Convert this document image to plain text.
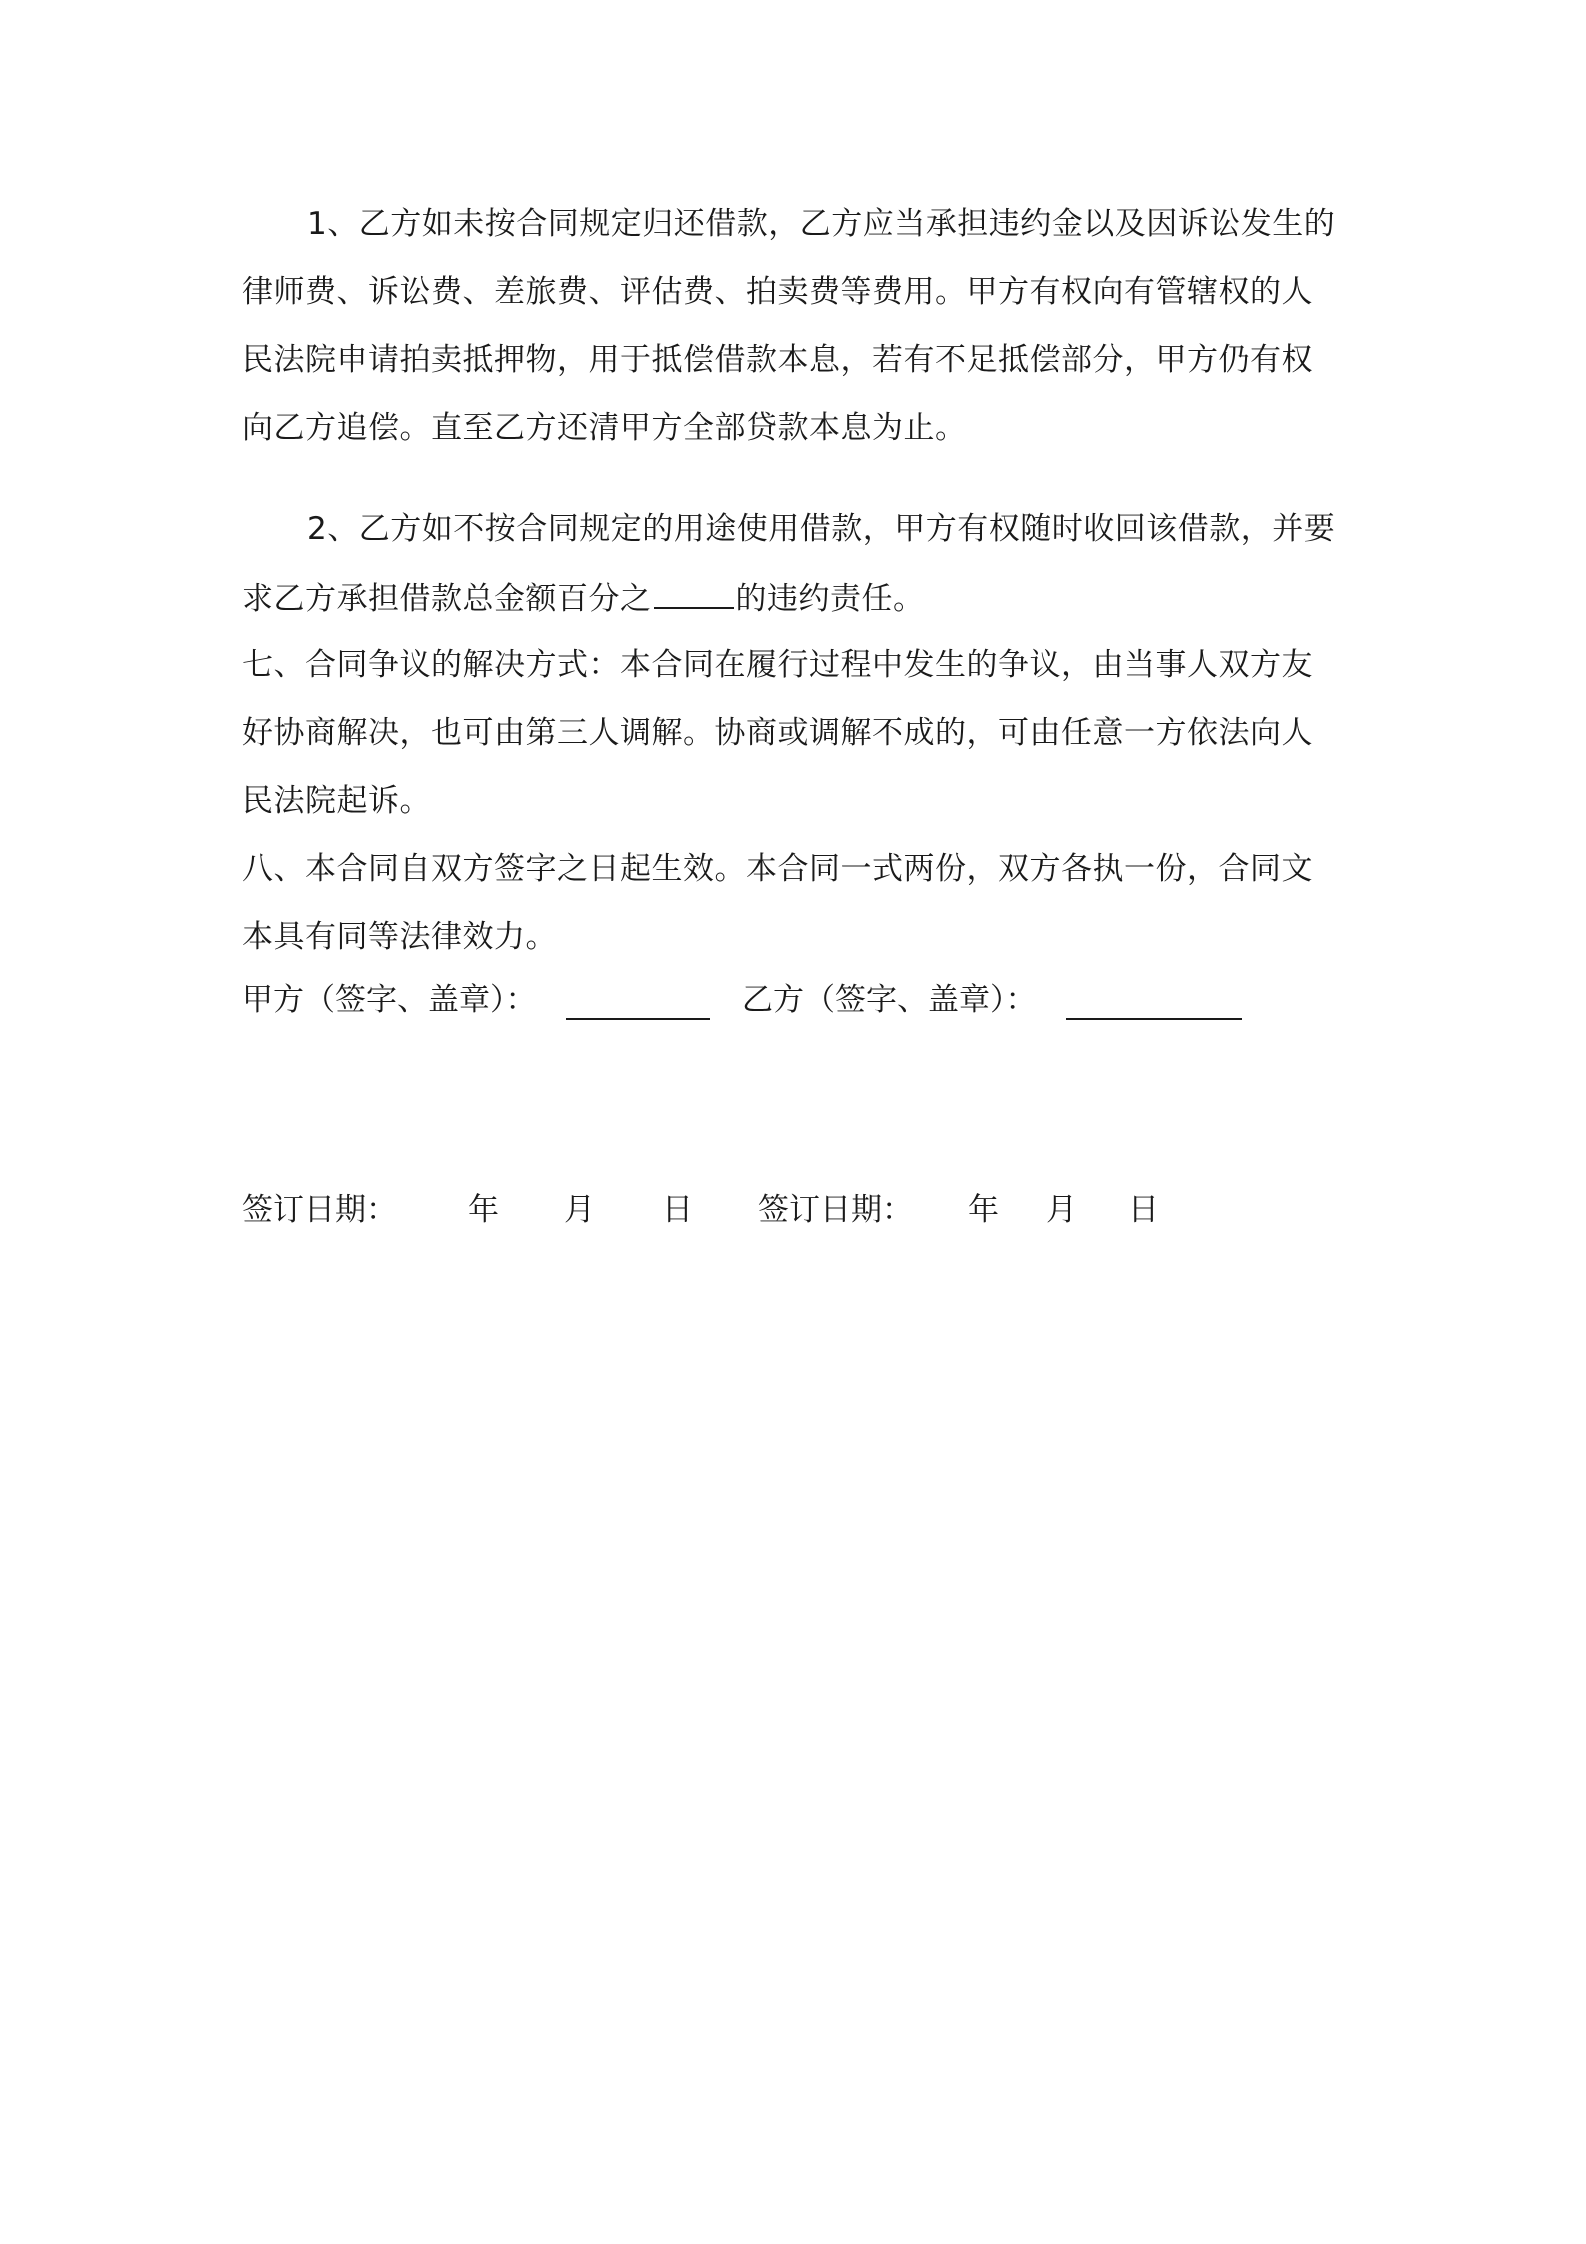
1、乙方如未按合同规定归还借款，乙方应当承担违约金以及因诉讼发生的
律师费、诉讼费、差旅费、评估费、拍卖费等费用。甲方有权向有管辖权的人
民法院申请拍卖抵押物，用于抵偿借款本息，若有不足抵偿部分，甲方仍有权
向乙方追偿。直至乙方还清甲方全部贷款本息为止。
2、乙方如不按合同规定的用途使用借款，甲方有权随时收回该借款，并要
求乙方承担借款总金额百分之	的违约责任。
七、合同争议的解决方式：本合同在履行过程中发生的争议，由当事人双方友
好协商解决，也可由第三人调解。协商或调解不成的，可由任意一方依法向人
民法院起诉。
八、本合同自双方签字之日起生效。本合同一式两份，双方各执一份，合同文
本具有同等法律效力。
甲方（签字、盖章）：	乙方（签字、盖章）：
签订日期： 年 月 日 签订日期： 年 月 日
